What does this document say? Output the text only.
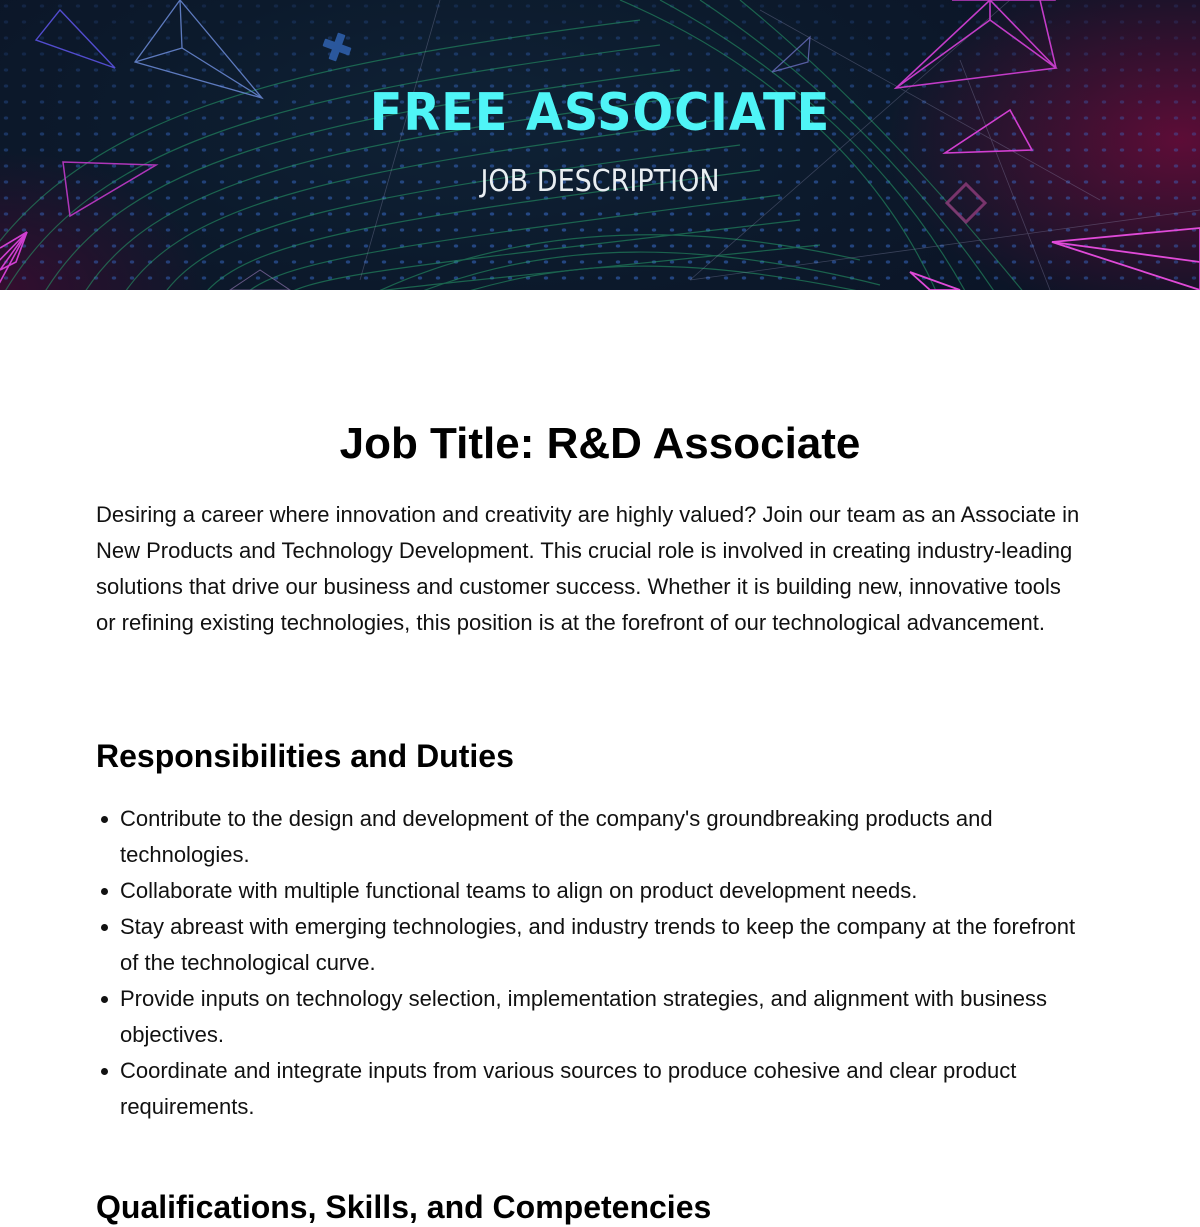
FREE ASSOCIATE
JOB DESCRIPTION
Job Title: R&D Associate

Desiring a career where innovation and creativity are highly valued? Join our team as an Associate in New Products and Technology Development. This crucial role is involved in creating industry-leading solutions that drive our business and customer success. Whether it is building new, innovative tools or refining existing technologies, this position is at the forefront of our technological advancement.

Responsibilities and Duties
Contribute to the design and development of the company's groundbreaking products and technologies.
Collaborate with multiple functional teams to align on product development needs.
Stay abreast with emerging technologies, and industry trends to keep the company at the forefront of the technological curve.
Provide inputs on technology selection, implementation strategies, and alignment with business objectives.
Coordinate and integrate inputs from various sources to produce cohesive and clear product requirements.
Qualifications, Skills, and Competencies
